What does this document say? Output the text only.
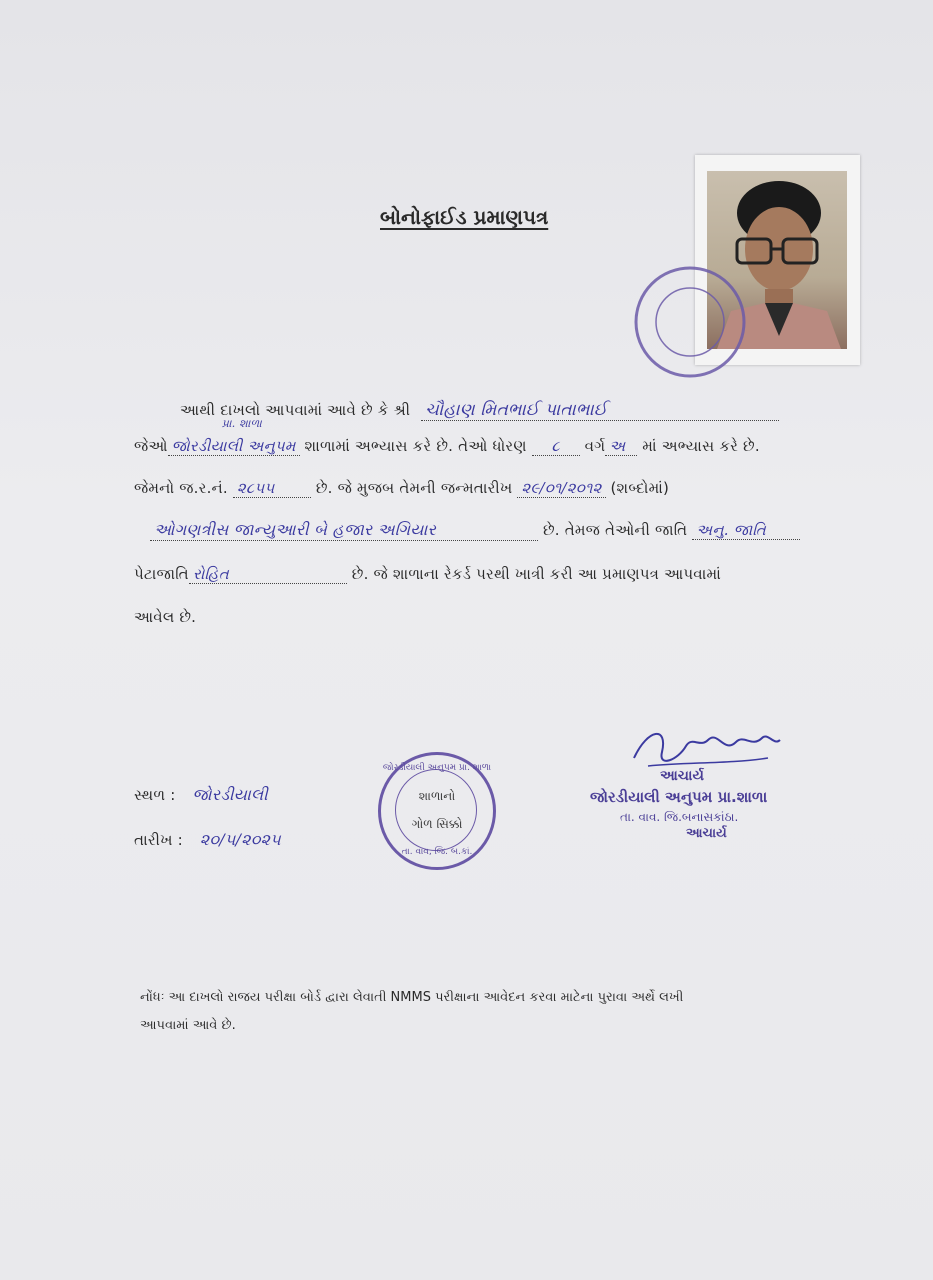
બોનોફાઈડ પ્રમાણપત્ર
આથી દાખલો આપવામાં આવે છે કે શ્રી ચૌહાણ મિતભાઈ પાતાભાઈ
જેઓ જોરડીયાલી અનુપમ
પ્રા. શાળા
શાળામાં અભ્યાસ કરે છે. તેઓ ધોરણ ૮ વર્ગ અ માં અભ્યાસ કરે છે.
જેમનો જ.ર.નં. ૨૮૫૫	છે. જે મુજબ તેમની જન્મતારીખ ૨૯/૦૧/૨૦૧૨ (શબ્દોમાં)
ઓગણત્રીસ જાન્યુઆરી બે હજાર અગિયાર	છે. તેમજ તેઓની જાતિ અનુ. જાતિ
પેટાજાતિ રોહિત	છે. જે શાળાના રેકર્ડ પરથી ખાત્રી કરી આ પ્રમાણપત્ર આપવામાં
આવેલ છે.
સ્થળ : જોરડીયાલી
તારીખ : ૨૦/૫/૨૦૨૫
જોરડીયાલી અનુપમ પ્રા. શાળા
શાળાનો
ગોળ સિક્કો
તા. વાવ, જિ. બ.કાં.
આચાર્ય
જોરડીયાલી અનુપમ પ્રા.શાળા
તા. વાવ. જિ.બનાસકાંઠા.
આચાર્ય
નોંધઃ આ દાખલો રાજય પરીક્ષા બોર્ડ દ્વારા લેવાતી NMMS પરીક્ષાના આવેદન કરવા માટેના પુરાવા અર્થે લખી
આપવામાં આવે છે.
